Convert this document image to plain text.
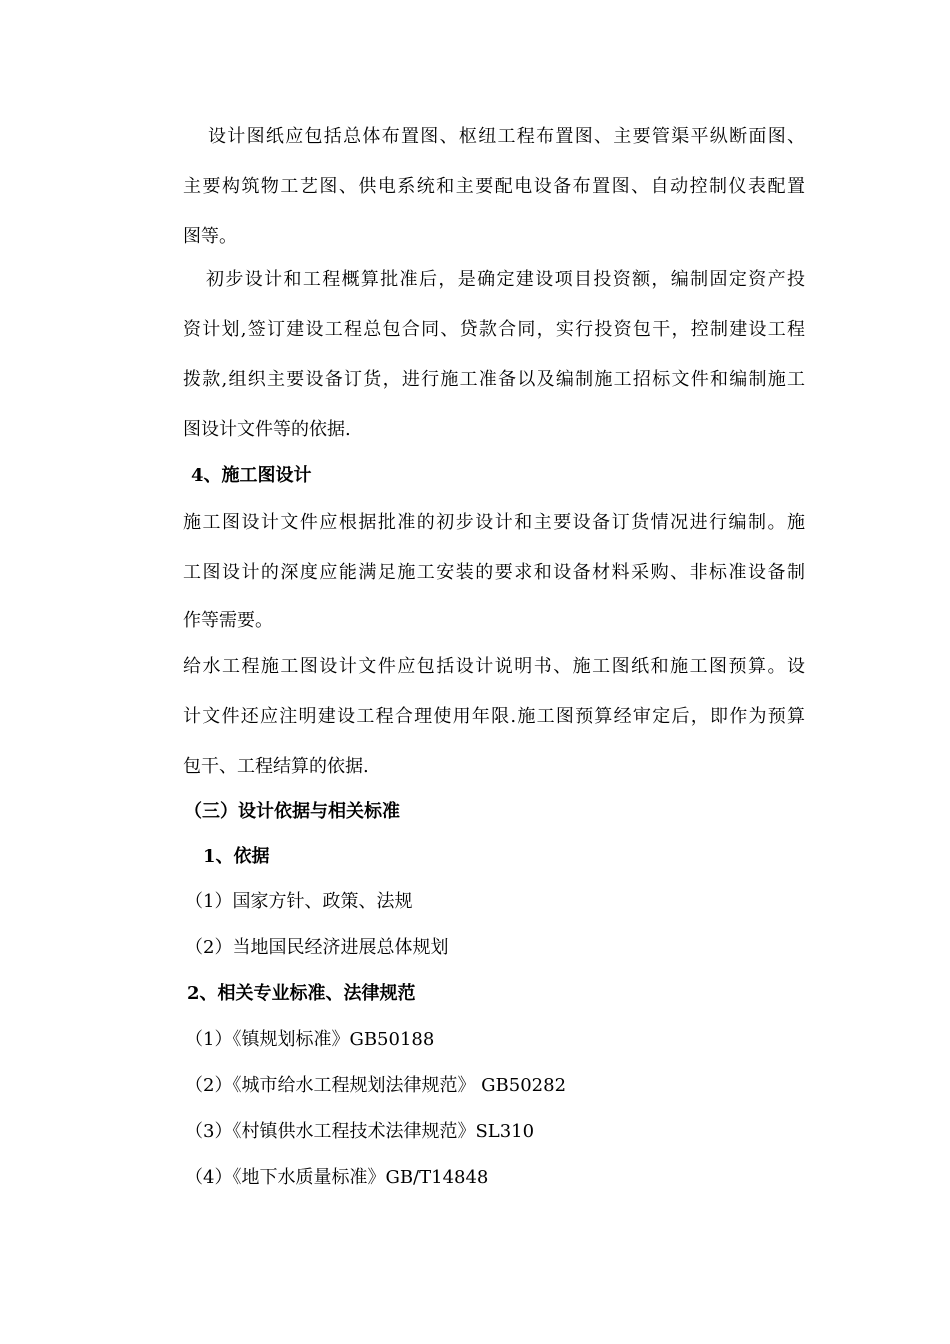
设计图纸应包括总体布置图、枢纽工程布置图、主要管渠平纵断面图、
主要构筑物工艺图、供电系统和主要配电设备布置图、自动控制仪表配置
图等。
初步设计和工程概算批准后，是确定建设项目投资额，编制固定资产投
资计划,签订建设工程总包合同、贷款合同，实行投资包干，控制建设工程
拨款,组织主要设备订货，进行施工准备以及编制施工招标文件和编制施工
图设计文件等的依据.
4、施工图设计
施工图设计文件应根据批准的初步设计和主要设备订货情况进行编制。施
工图设计的深度应能满足施工安装的要求和设备材料采购、非标准设备制
作等需要。
给水工程施工图设计文件应包括设计说明书、施工图纸和施工图预算。设
计文件还应注明建设工程合理使用年限.施工图预算经审定后，即作为预算
包干、工程结算的依据.
（三）设计依据与相关标准
1、依据
（1）国家方针、政策、法规
（2）当地国民经济进展总体规划
2、相关专业标准、法律规范
（1）《镇规划标准》GB50188
（2）《城市给水工程规划法律规范》 GB50282
（3）《村镇供水工程技术法律规范》SL310
（4）《地下水质量标准》GB/T14848
